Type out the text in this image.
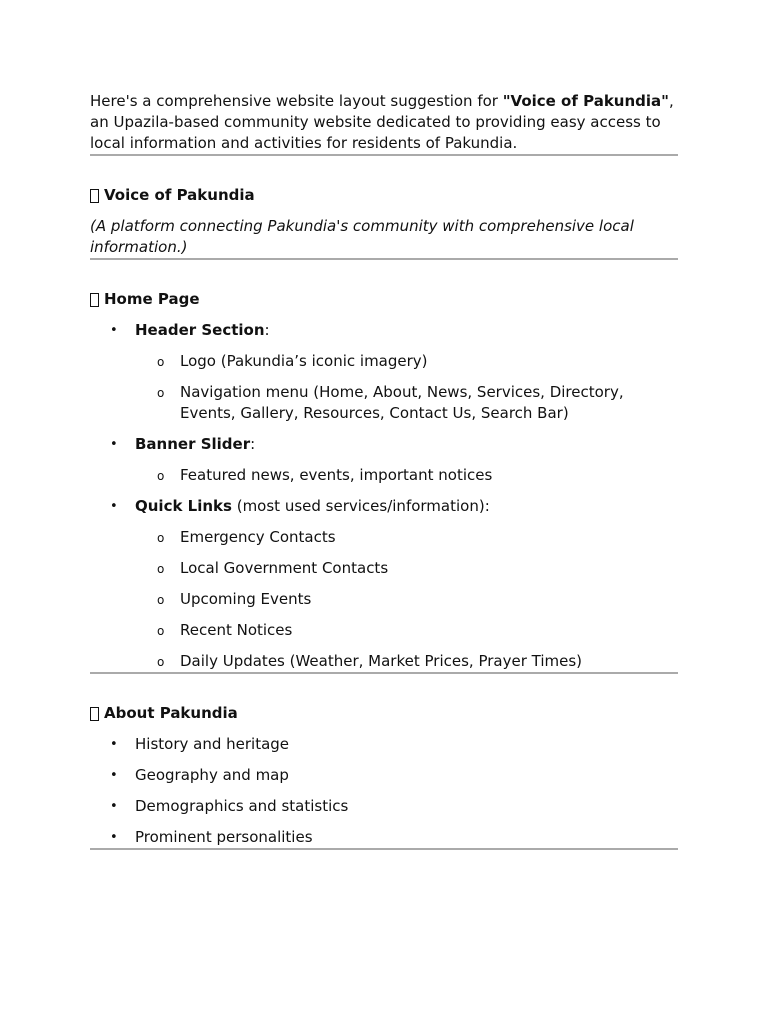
Here's a comprehensive website layout suggestion for "Voice of Pakundia", an Upazila-based community website dedicated to providing easy access to local information and activities for residents of Pakundia.

Voice of Pakundia

(A platform connecting Pakundia's community with comprehensive local information.)

Home Page
• Header Section:
o Logo (Pakundia’s iconic imagery)
o Navigation menu (Home, About, News, Services, Directory, Events, Gallery, Resources, Contact Us, Search Bar)
• Banner Slider:
o Featured news, events, important notices
• Quick Links (most used services/information):
o Emergency Contacts
o Local Government Contacts
o Upcoming Events
o Recent Notices
o Daily Updates (Weather, Market Prices, Prayer Times)
About Pakundia
• History and heritage
• Geography and map
• Demographics and statistics
• Prominent personalities
